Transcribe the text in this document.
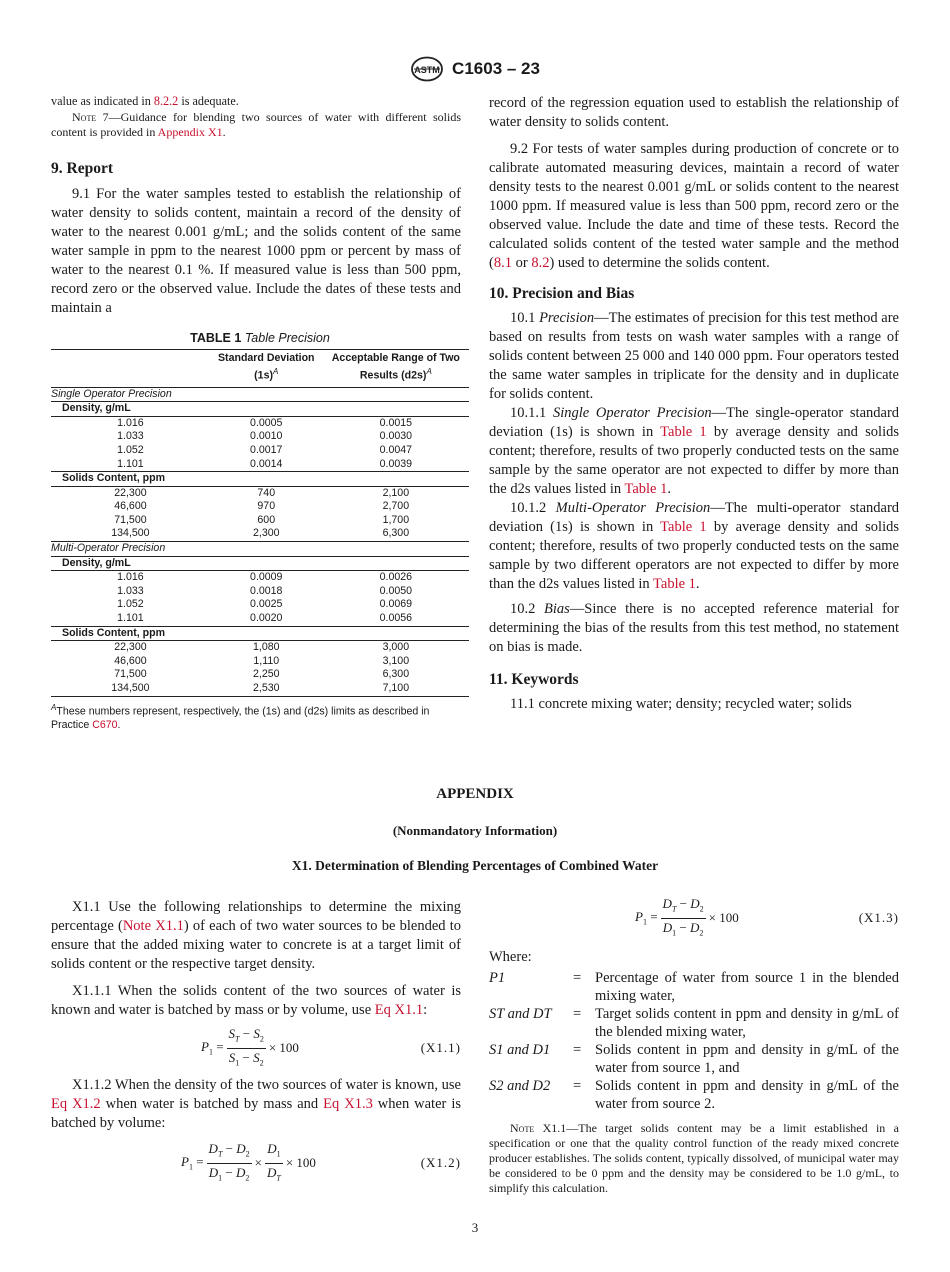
ASTM C1603 – 23

value as indicated in 8.2.2 is adequate.

Note 7—Guidance for blending two sources of water with different solids content is provided in Appendix X1.

9. Report

9.1 For the water samples tested to establish the relationship of water density to solids content, maintain a record of the density of water to the nearest 0.001 g/mL; and the solids content of the same water sample in ppm to the nearest 1000 ppm or percent by mass of water to the nearest 0.1 %. If measured value is less than 500 ppm, record zero or the observed value. Include the dates of these tests and maintain a

TABLE 1 Table Precision
	Standard Deviation $(1s)^A$	Acceptable Range of Two Results $(d2s)^A$
Single Operator Precision		
Density, g/mL		
1.016	0.0005	0.0015
1.033	0.0010	0.0030
1.052	0.0017	0.0047
1.101	0.0014	0.0039
Solids Content, ppm		
22,300	740	2,100
46,600	970	2,700
71,500	600	1,700
134,500	2,300	6,300
Multi-Operator Precision		
Density, g/mL		
1.016	0.0009	0.0026
1.033	0.0018	0.0050
1.052	0.0025	0.0069
1.101	0.0020	0.0056
Solids Content, ppm		
22,300	1,080	3,000
46,600	1,110	3,100
71,500	2,250	6,300
134,500	2,530	7,100
$^A$These numbers represent, respectively, the (1s) and (d2s) limits as described in Practice C670.

record of the regression equation used to establish the relationship of water density to solids content.

9.2 For tests of water samples during production of concrete or to calibrate automated measuring devices, maintain a record of water density tests to the nearest 0.001 g/mL or solids content to the nearest 1000 ppm. If measured value is less than 500 ppm, record zero or the observed value. Include the date and time of these tests. Record the calculated solids content of the tested water sample and the method (8.1 or 8.2) used to determine the solids content.

10. Precision and Bias

10.1 Precision—The estimates of precision for this test method are based on results from tests on wash water samples with a range of solids content between 25 000 and 140 000 ppm. Four operators tested the same water samples in triplicate for the density and in duplicate for solids content.

10.1.1 Single Operator Precision—The single-operator standard deviation (1s) is shown in Table 1 by average density and solids content; therefore, results of two properly conducted tests on the same sample by the same operator are not expected to differ by more than the d2s values listed in Table 1.

10.1.2 Multi-Operator Precision—The multi-operator standard deviation (1s) is shown in Table 1 by average density and solids content; therefore, results of two properly conducted tests on the same sample by two different operators are not expected to differ by more than the d2s values listed in Table 1.

10.2 Bias—Since there is no accepted reference material for determining the bias of the results from this test method, no statement on bias is made.

11. Keywords

11.1 concrete mixing water; density; recycled water; solids

APPENDIX
(Nonmandatory Information)
X1. Determination of Blending Percentages of Combined Water

X1.1 Use the following relationships to determine the mixing percentage (Note X1.1) of each of two water sources to be blended to ensure that the added mixing water to concrete is at a target limit of solids content or the respective target density.

X1.1.1 When the solids content of the two sources of water is known and water is batched by mass or by volume, use Eq X1.1:

$P_1 = \frac{S_T - S_2}{S_1 - S_2} \times 100$	(X1.1)

X1.1.2 When the density of the two sources of water is known, use Eq X1.2 when water is batched by mass and Eq X1.3 when water is batched by volume:

$P_1 = \frac{D_T - D_2}{D_1 - D_2} \times \frac{D_1}{D_T} \times 100$	(X1.2)
$P_1 = \frac{D_T - D_2}{D_1 - D_2} \times 100$	(X1.3)

Where:

P1	= Percentage of water from source 1 in the blended mixing water,
ST and DT	= Target solids content in ppm and density in g/mL of the blended mixing water,
S1 and D1	= Solids content in ppm and density in g/mL of the water from source 1, and
S2 and D2	= Solids content in ppm and density in g/mL of the water from source 2.

Note X1.1—The target solids content may be a limit established in a specification or one that the quality control function of the ready mixed concrete producer establishes. The solids content, typically dissolved, of municipal water may be considered to be 0 ppm and the density may be considered to be 1.0 g/mL, to simplify this calculation.

3
